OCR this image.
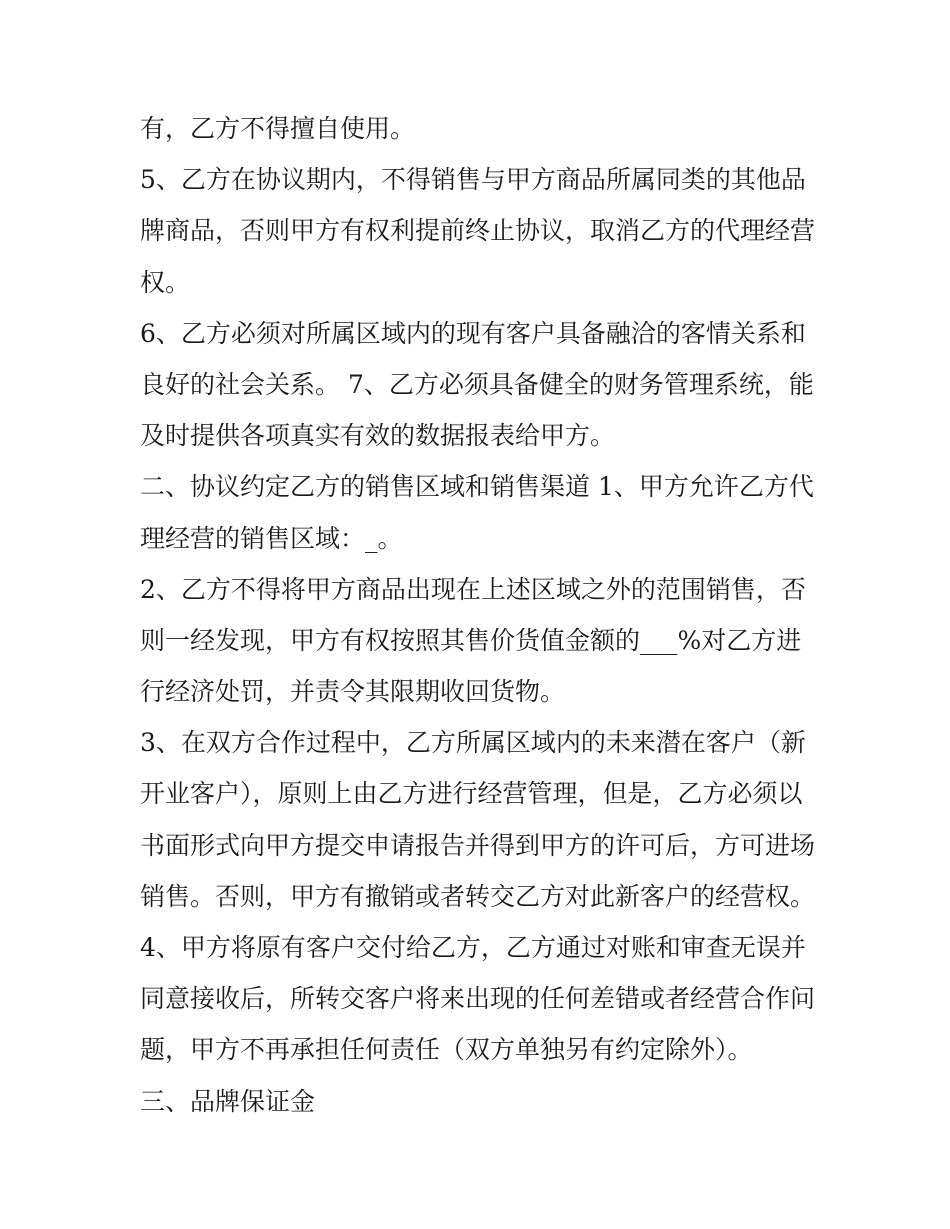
有，乙方不得擅自使用。
5、乙方在协议期内，不得销售与甲方商品所属同类的其他品
牌商品，否则甲方有权利提前终止协议，取消乙方的代理经营
权。
6、乙方必须对所属区域内的现有客户具备融洽的客情关系和
良好的社会关系。 7、乙方必须具备健全的财务管理系统，能
及时提供各项真实有效的数据报表给甲方。
二、协议约定乙方的销售区域和销售渠道 1、甲方允许乙方代
理经营的销售区域：_。
2、乙方不得将甲方商品出现在上述区域之外的范围销售，否
则一经发现，甲方有权按照其售价货值金额的___%对乙方进
行经济处罚，并责令其限期收回货物。
3、在双方合作过程中，乙方所属区域内的未来潜在客户（新
开业客户），原则上由乙方进行经营管理，但是，乙方必须以
书面形式向甲方提交申请报告并得到甲方的许可后，方可进场
销售。否则，甲方有撤销或者转交乙方对此新客户的经营权。
4、甲方将原有客户交付给乙方，乙方通过对账和审查无误并
同意接收后，所转交客户将来出现的任何差错或者经营合作问
题，甲方不再承担任何责任（双方单独另有约定除外）。
三、品牌保证金
